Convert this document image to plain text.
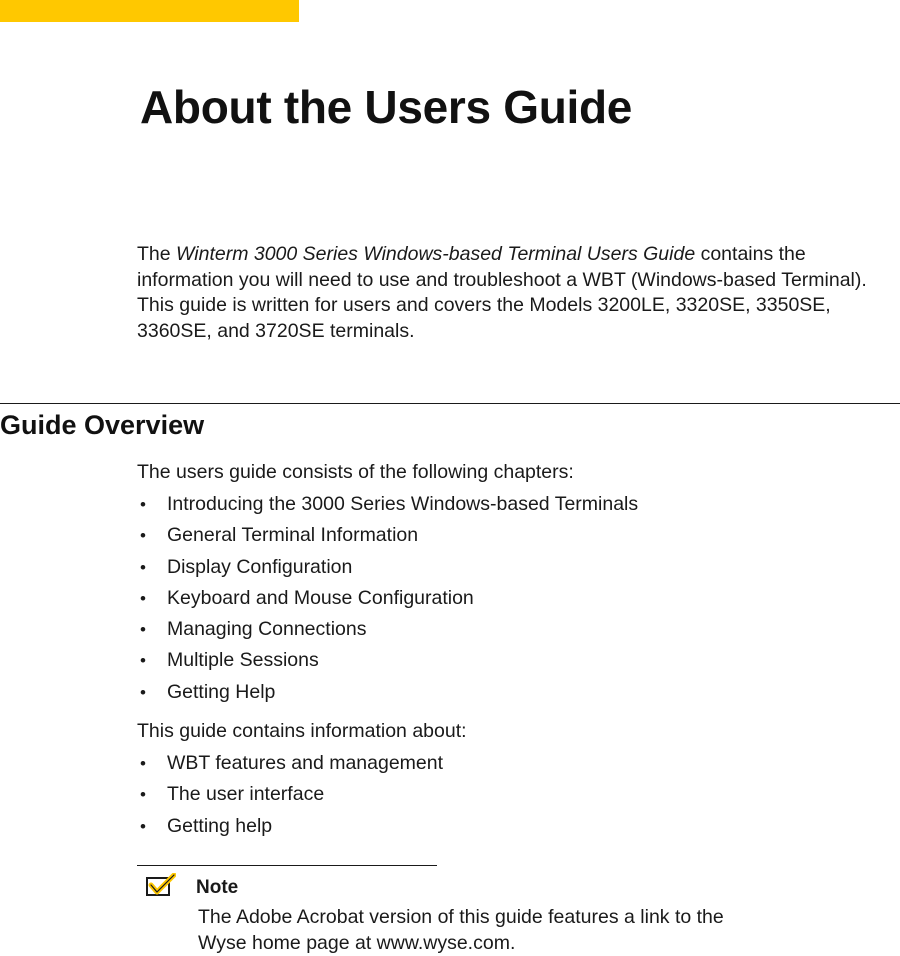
About the Users Guide

The Winterm 3000 Series Windows-based Terminal Users Guide contains the information you will need to use and troubleshoot a WBT (Windows-based Terminal). This guide is written for users and covers the Models 3200LE, 3320SE, 3350SE, 3360SE, and 3720SE terminals.

Guide Overview

The users guide consists of the following chapters:

• Introducing the 3000 Series Windows-based Terminals
• General Terminal Information
• Display Configuration
• Keyboard and Mouse Configuration
• Managing Connections
• Multiple Sessions
• Getting Help

This guide contains information about:

• WBT features and management
• The user interface
• Getting help

Note

The Adobe Acrobat version of this guide features a link to the Wyse home page at www.wyse.com.
